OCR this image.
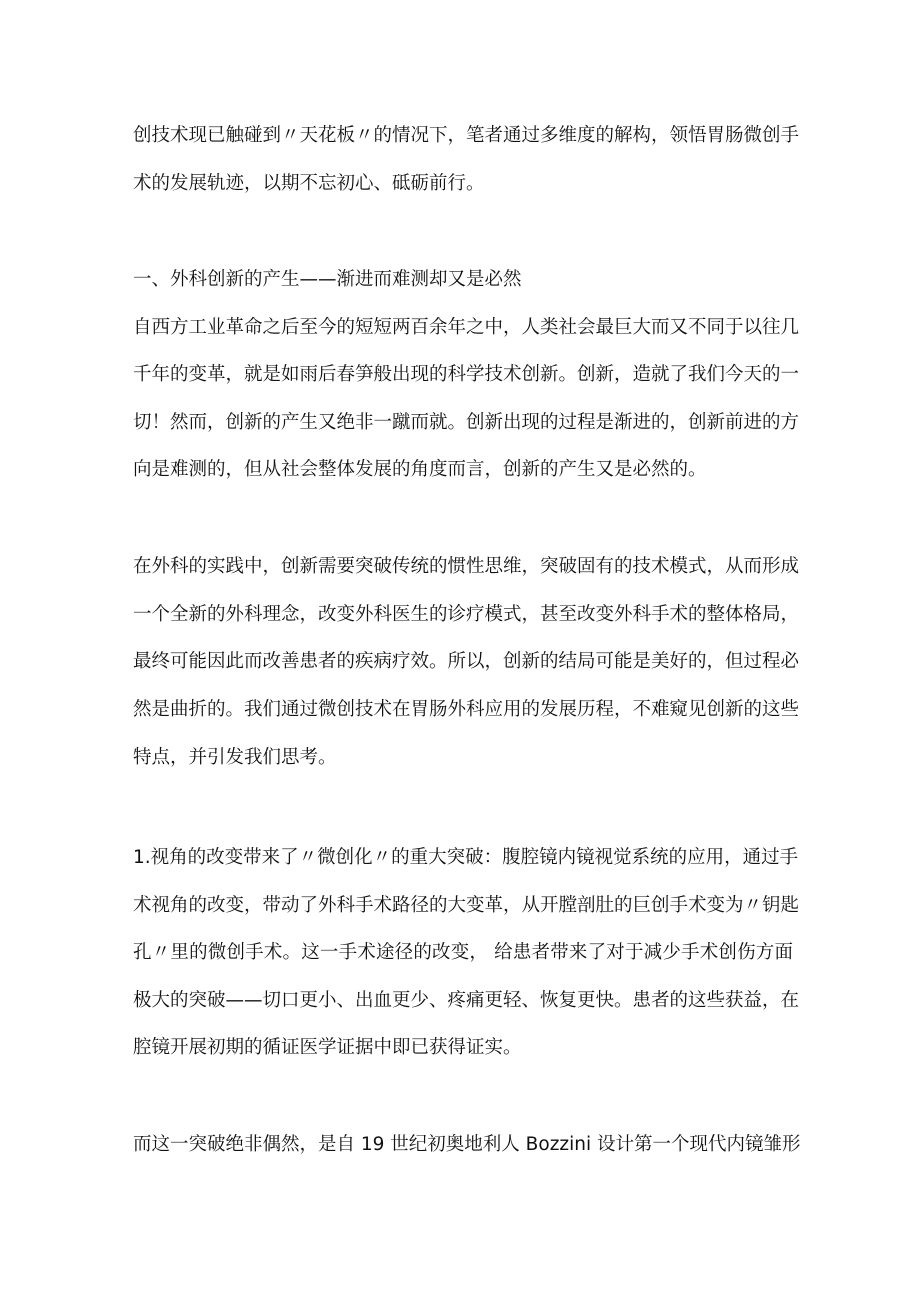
创技术现已触碰到〃天花板〃的情况下，笔者通过多维度的解构，领悟胃肠微创手
术的发展轨迹，以期不忘初心、砥砺前行。
一、外科创新的产生——渐进而难测却又是必然
自西方工业革命之后至今的短短两百余年之中，人类社会最巨大而又不同于以往几
千年的变革，就是如雨后春笋般出现的科学技术创新。创新，造就了我们今天的一
切！然而，创新的产生又绝非一蹴而就。创新出现的过程是渐进的，创新前进的方
向是难测的，但从社会整体发展的角度而言，创新的产生又是必然的。
在外科的实践中，创新需要突破传统的惯性思维，突破固有的技术模式，从而形成
一个全新的外科理念，改变外科医生的诊疗模式，甚至改变外科手术的整体格局，
最终可能因此而改善患者的疾病疗效。所以，创新的结局可能是美好的，但过程必
然是曲折的。我们通过微创技术在胃肠外科应用的发展历程，不难窥见创新的这些
特点，并引发我们思考。
1.视角的改变带来了〃微创化〃的重大突破：腹腔镜内镜视觉系统的应用，通过手
术视角的改变，带动了外科手术路径的大变革，从开膛剖肚的巨创手术变为〃钥匙
孔〃里的微创手术。这一手术途径的改变， 给患者带来了对于减少手术创伤方面
极大的突破——切口更小、出血更少、疼痛更轻、恢复更快。患者的这些获益，在
腔镜开展初期的循证医学证据中即已获得证实。
而这一突破绝非偶然，是自 19 世纪初奥地利人 Bozzini 设计第一个现代内镜雏形
